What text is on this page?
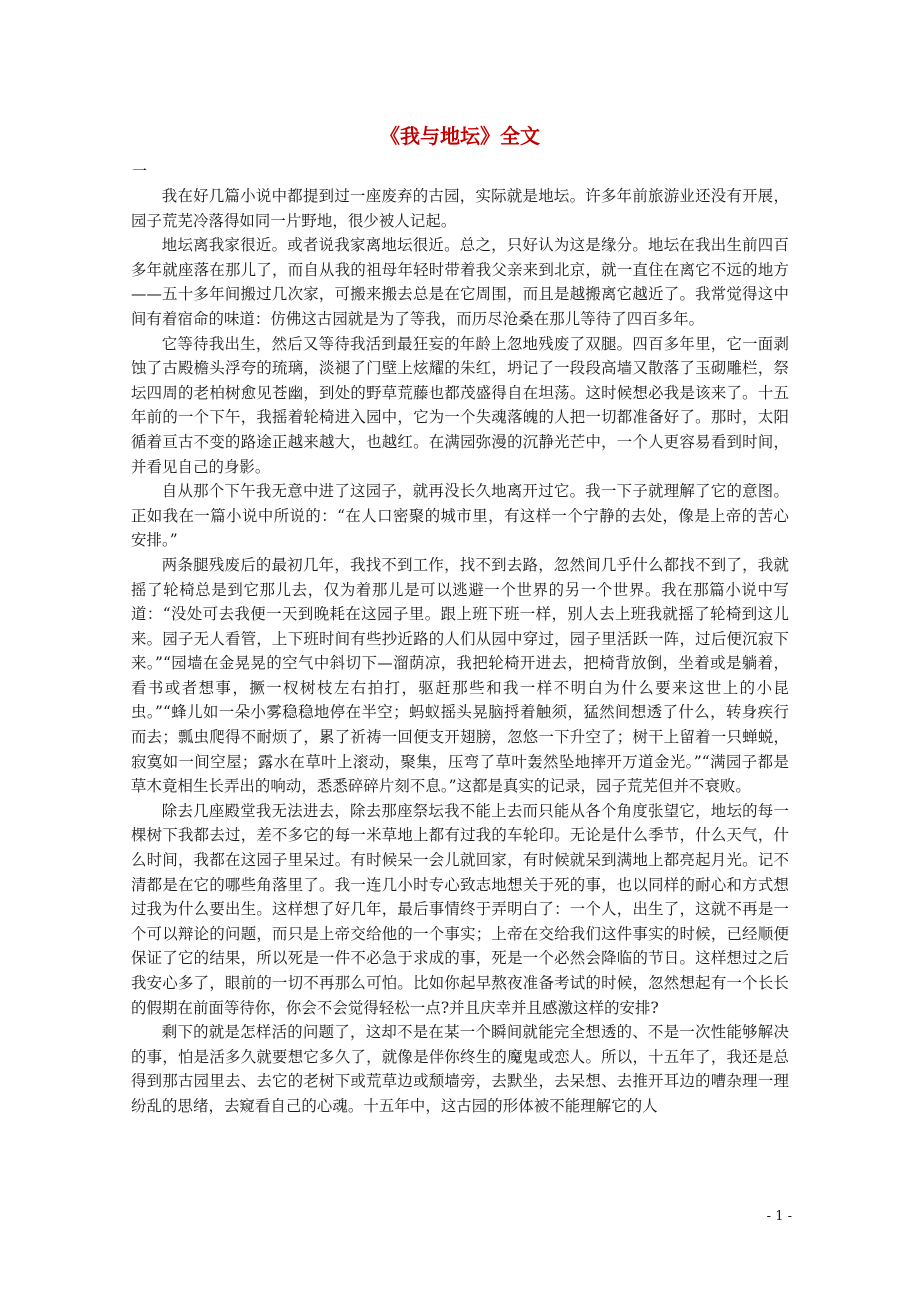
《我与地坛》全文
一

我在好几篇小说中都提到过一座废弃的古园，实际就是地坛。许多年前旅游业还没有开展，园子荒芜冷落得如同一片野地，很少被人记起。

地坛离我家很近。或者说我家离地坛很近。总之，只好认为这是缘分。地坛在我出生前四百多年就座落在那儿了，而自从我的祖母年轻时带着我父亲来到北京，就一直住在离它不远的地方——五十多年间搬过几次家，可搬来搬去总是在它周围，而且是越搬离它越近了。我常觉得这中间有着宿命的味道：仿佛这古园就是为了等我，而历尽沧桑在那儿等待了四百多年。

它等待我出生，然后又等待我活到最狂妄的年龄上忽地残废了双腿。四百多年里，它一面剥蚀了古殿檐头浮夸的琉璃，淡褪了门壁上炫耀的朱红，坍记了一段段高墙又散落了玉砌雕栏，祭坛四周的老柏树愈见苍幽，到处的野草荒藤也都茂盛得自在坦荡。这时候想必我是该来了。十五年前的一个下午，我摇着轮椅进入园中，它为一个失魂落魄的人把一切都准备好了。那时，太阳循着亘古不变的路途正越来越大，也越红。在满园弥漫的沉静光芒中，一个人更容易看到时间，并看见自己的身影。

自从那个下午我无意中进了这园子，就再没长久地离开过它。我一下子就理解了它的意图。正如我在一篇小说中所说的：“在人口密聚的城市里，有这样一个宁静的去处，像是上帝的苦心安排。”

两条腿残废后的最初几年，我找不到工作，找不到去路，忽然间几乎什么都找不到了，我就摇了轮椅总是到它那儿去，仅为着那儿是可以逃避一个世界的另一个世界。我在那篇小说中写道：“没处可去我便一天到晚耗在这园子里。跟上班下班一样，别人去上班我就摇了轮椅到这儿来。园子无人看管，上下班时间有些抄近路的人们从园中穿过，园子里活跃一阵，过后便沉寂下来。”“园墙在金晃晃的空气中斜切下—溜荫凉，我把轮椅开进去，把椅背放倒，坐着或是躺着，看书或者想事，撅一杈树枝左右拍打，驱赶那些和我一样不明白为什么要来这世上的小昆虫。”“蜂儿如一朵小雾稳稳地停在半空；蚂蚁摇头晃脑捋着触须，猛然间想透了什么，转身疾行而去；瓢虫爬得不耐烦了，累了祈祷一回便支开翅膀，忽悠一下升空了；树干上留着一只蝉蜕，寂寞如一间空屋；露水在草叶上滚动，聚集，压弯了草叶轰然坠地摔开万道金光。”“满园子都是草木竟相生长弄出的响动，悉悉碎碎片刻不息。”这都是真实的记录，园子荒芜但并不衰败。

除去几座殿堂我无法进去，除去那座祭坛我不能上去而只能从各个角度张望它，地坛的每一棵树下我都去过，差不多它的每一米草地上都有过我的车轮印。无论是什么季节，什么天气，什么时间，我都在这园子里呆过。有时候呆一会儿就回家，有时候就呆到满地上都亮起月光。记不清都是在它的哪些角落里了。我一连几小时专心致志地想关于死的事，也以同样的耐心和方式想过我为什么要出生。这样想了好几年，最后事情终于弄明白了：一个人，出生了，这就不再是一个可以辩论的问题，而只是上帝交给他的一个事实；上帝在交给我们这件事实的时候，已经顺便保证了它的结果，所以死是一件不必急于求成的事，死是一个必然会降临的节日。这样想过之后我安心多了，眼前的一切不再那么可怕。比如你起早熬夜准备考试的时候，忽然想起有一个长长的假期在前面等待你，你会不会觉得轻松一点?并且庆幸并且感激这样的安排?

剩下的就是怎样活的问题了，这却不是在某一个瞬间就能完全想透的、不是一次性能够解决的事，怕是活多久就要想它多久了，就像是伴你终生的魔鬼或恋人。所以，十五年了，我还是总得到那古园里去、去它的老树下或荒草边或颓墙旁，去默坐，去呆想、去推开耳边的嘈杂理一理纷乱的思绪，去窥看自己的心魂。十五年中，这古园的形体被不能理解它的人

- 1 -
